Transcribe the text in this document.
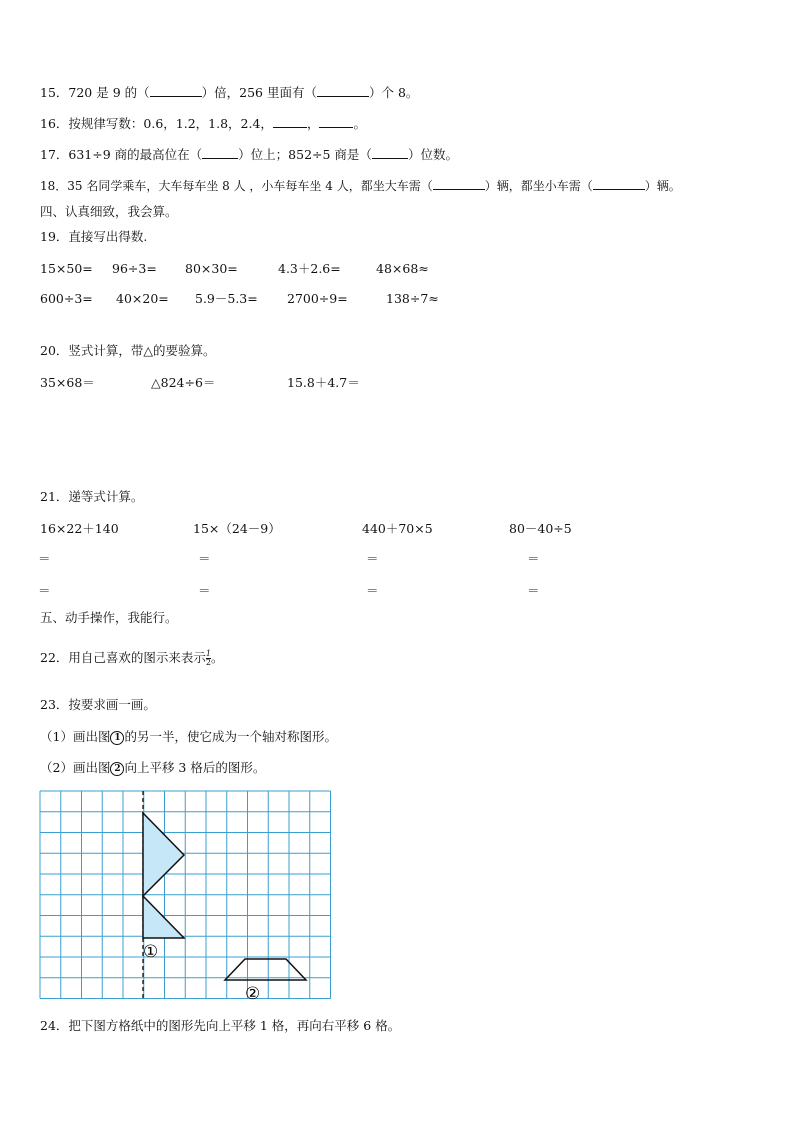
15．720 是 9 的（	）倍，256 里面有（	）个 8。
16．按规律写数：0.6，1.2，1.8，2.4，	，	。
17．631÷9 商的最高位在（	）位上；852÷5 商是（	）位数。
18．35 名同学乘车，大车每车坐 8 人 ，小车每车坐 4 人，都坐大车需（	）辆，都坐小车需（	）辆。
四、认真细致，我会算。
19．直接写出得数.
15×50= 96÷3= 80×30=	4.3＋2.6=	48×68≈
600÷3= 40×20= 5.9－5.3= 2700÷9=	138÷7≈
20．竖式计算，带△的要验算。
35×68＝	△824÷6＝	15.8＋4.7＝
21．递等式计算。
16×22＋140	15×（24－9）	440＋70×5	80－40÷5
＝	＝	＝	＝
＝	＝	＝	＝
五、动手操作，我能行。
22．用自己喜欢的图示来表示 $\frac{1}{2}$ 。
23．按要求画一画。
（1）画出图 1 的另一半，使它成为一个轴对称图形。
（2）画出图 2 向上平移 3 格后的图形。
①
②
24．把下图方格纸中的图形先向上平移 1 格，再向右平移 6 格。
